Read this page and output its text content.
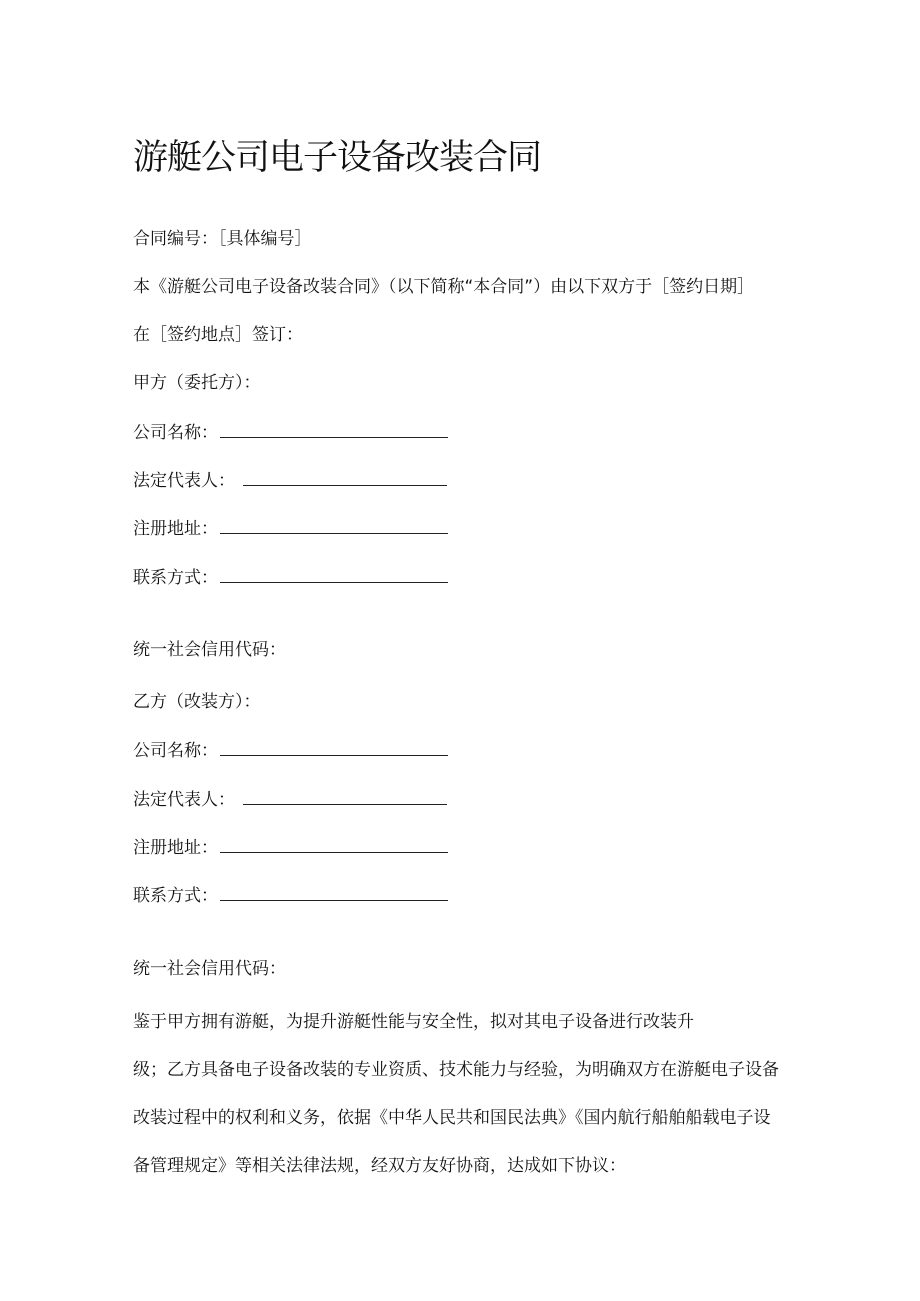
游艇公司电子设备改装合同

合同编号：［具体编号］

本《游艇公司电子设备改装合同》（以下简称“本合同”）由以下双方于［签约日期］

在［签约地点］签订：

甲方（委托方）：

公司名称：

法定代表人：

注册地址：

联系方式：

统一社会信用代码：

乙方（改装方）：

公司名称：

法定代表人：

注册地址：

联系方式：

统一社会信用代码：

鉴于甲方拥有游艇，为提升游艇性能与安全性，拟对其电子设备进行改装升

级；乙方具备电子设备改装的专业资质、技术能力与经验，为明确双方在游艇电子设备

改装过程中的权利和义务，依据《中华人民共和国民法典》《国内航行船舶船载电子设

备管理规定》等相关法律法规，经双方友好协商，达成如下协议：
